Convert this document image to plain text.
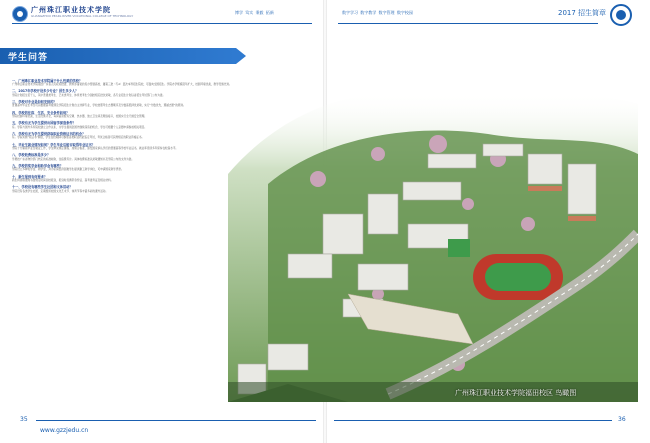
广州珠江职业技术学院
GUANGZHOU PEARL RIVER VOCATIONAL COLLEGE OF TECHNOLOGY
博学 笃实 秉毅 拓新	数字学习 数字教学 数字管理 数字校园	2017 招生简章
学生问答
一、广州珠江职业技术学院属于什么性质的学校？
广州珠江职业技术学院是经广东省人民政府批准、教育部备案的民办普通高校，属第三批（专A）层次本科招生院校，可面向全国招生。学院办学规模逐年扩大，校园环境优美，教学设施先进。
二、2017年学校开设多少专业？招生多少人？
学院计划招生若干人，其中普通类考生、艺术类考生、体育类考生分别按相应批次录取，各专业招生计划以省招生考试部门公布为准。
三、学校对专业是如何安排的？
普通高中毕业生考生可以根据高考成绩及学院招生计划自主选择专业，学校按照考生志愿顺序及分数高低择优录取，实行"分数优先，遵循志愿"的原则。
四、学校的住宿、生活、安全条件如何？
学院校园环境优美，生活设施齐全，每间宿舍配有空调、热水器、独立卫生间及网络接口，校园实行全天候安全管理。
五、学校有无为学生提供出国留学深造条件？
有。学院与国外多所院校建立合作关系，为学生提供赴国外继续深造的机会，学生可根据个人意愿申请参加相关项目。
六、学校有无为学生提供获取职业资格证书的机会？
有。学院实施"双证书"制度，学生在校期间可参加各类职业技能鉴定考试，考试合格者可获得相应的职业资格证书。
七、毕业生就业情况如何？学生毕业后能否取得毕业证书？
学院十分重视毕业生就业工作，学生修完规定课程、成绩合格者，颁发国家承认学历的普通高等学校毕业证书，就业率连续多年保持在较高水平。
八、学校收费标准是多少？
学费按广东省物价部门核定的标准收取，住宿费另计。具体收费标准以录取通知书及学院公布的文件为准。
九、学校的奖学金和助学金有哪些？
学院设立多种奖学金、助学金，并为家庭经济困难学生提供勤工助学岗位，可申请国家助学贷款。
十、新生报到有何要求？
新生持录取通知书按规定时间到校报到，报到时需携带身份证、高考准考证及相关材料。
十一、学校设有哪些学生社团和文体活动？
学院设有各类学生社团，定期组织校园文化艺术节、体育节等丰富多彩的课外活动。
广州珠江职业技术学院福田校区 鸟瞰图
35
www.gzzjedu.cn
36
